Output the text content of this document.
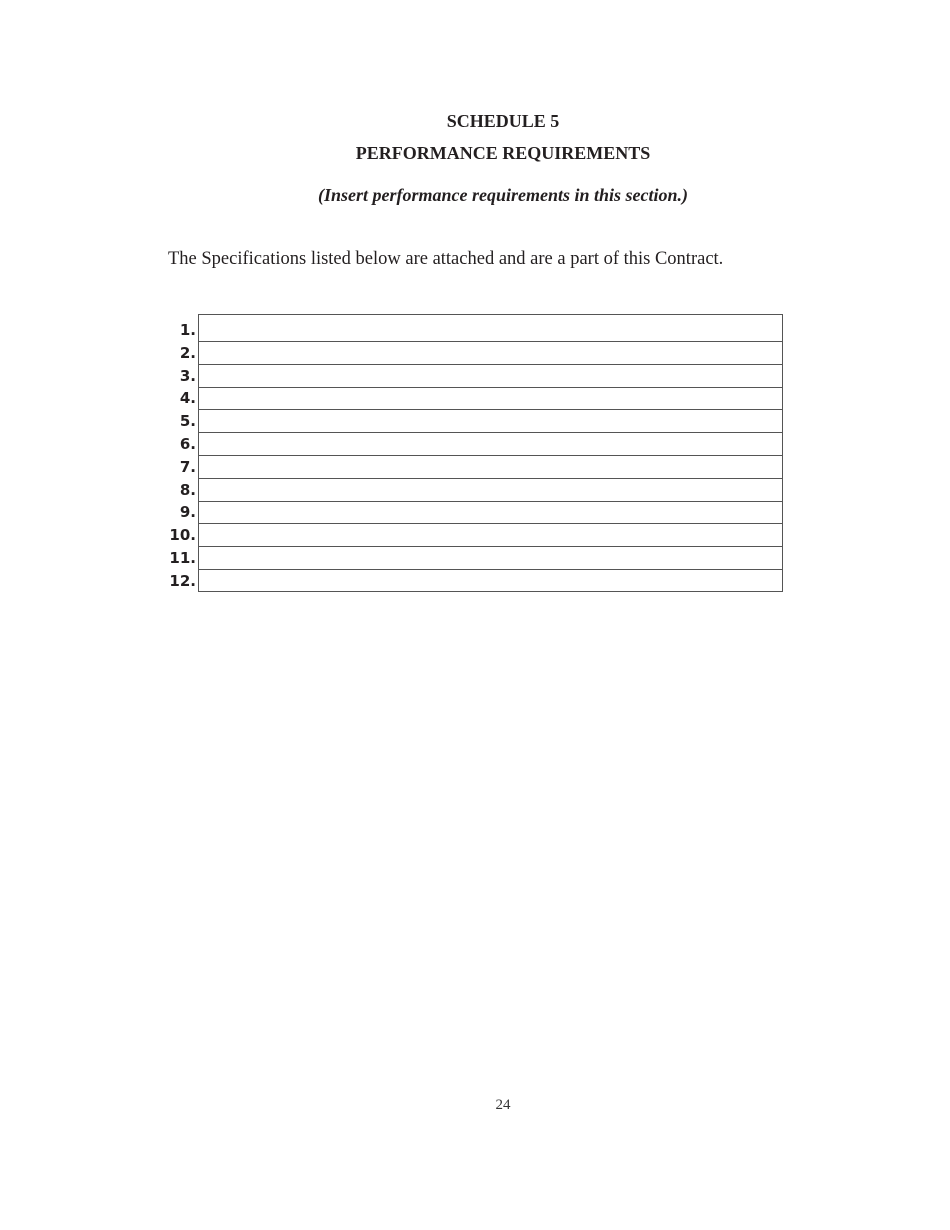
SCHEDULE 5
PERFORMANCE REQUIREMENTS

(Insert performance requirements in this section.)

The Specifications listed below are attached and are a part of this Contract.

1.
2.
3.
4.
5.
6.
7.
8.
9.
10.
11.
12.

24
